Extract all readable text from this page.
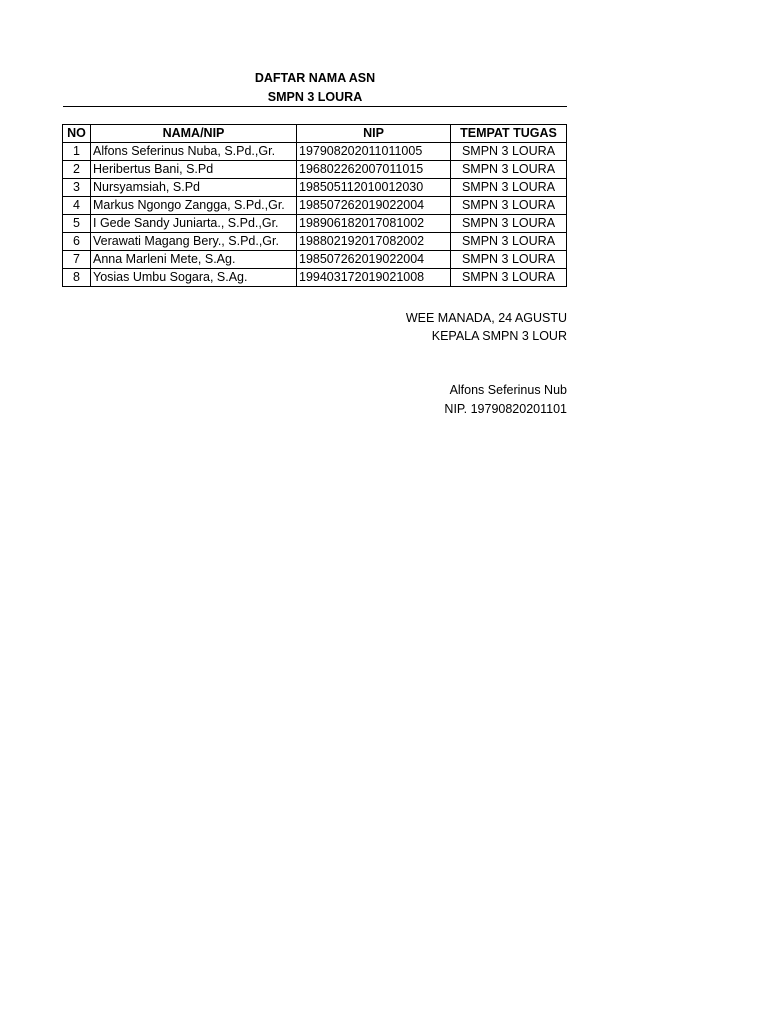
DAFTAR NAMA ASN
SMPN 3 LOURA
NO	NAMA/NIP	NIP	TEMPAT TUGAS
1	Alfons Seferinus Nuba, S.Pd.,Gr.	197908202011011005	SMPN 3 LOURA
2	Heribertus Bani, S.Pd	196802262007011015	SMPN 3 LOURA
3	Nursyamsiah, S.Pd	198505112010012030	SMPN 3 LOURA
4	Markus Ngongo Zangga, S.Pd.,Gr.	198507262019022004	SMPN 3 LOURA
5	I Gede Sandy Juniarta., S.Pd.,Gr.	198906182017081002	SMPN 3 LOURA
6	Verawati Magang Bery., S.Pd.,Gr.	198802192017082002	SMPN 3 LOURA
7	Anna Marleni Mete, S.Ag.	198507262019022004	SMPN 3 LOURA
8	Yosias Umbu Sogara, S.Ag.	199403172019021008	SMPN 3 LOURA
WEE MANADA, 24 AGUSTU
KEPALA SMPN 3 LOUR
Alfons Seferinus Nub
NIP. 19790820201101
